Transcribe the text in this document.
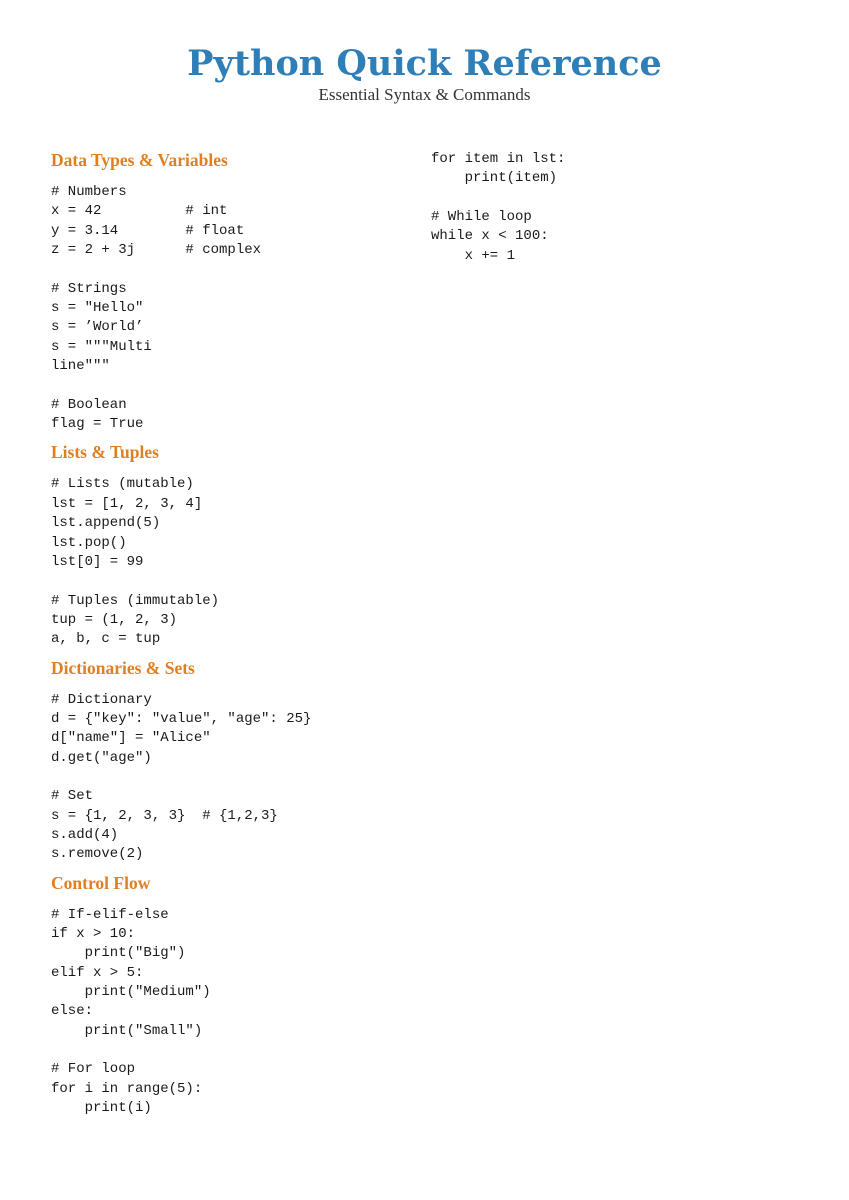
Python Quick Reference

Essential Syntax & Commands

Data Types & Variables
# Numbers
x = 42          # int
y = 3.14        # float
z = 2 + 3j      # complex

# Strings
s = "Hello"
s = ’World’
s = """Multi
line"""

# Boolean
flag = True
Lists & Tuples
# Lists (mutable)
lst = [1, 2, 3, 4]
lst.append(5)
lst.pop()
lst[0] = 99

# Tuples (immutable)
tup = (1, 2, 3)
a, b, c = tup
Dictionaries & Sets
# Dictionary
d = {"key": "value", "age": 25}
d["name"] = "Alice"
d.get("age")

# Set
s = {1, 2, 3, 3}  # {1,2,3}
s.add(4)
s.remove(2)
Control Flow
# If-elif-else
if x > 10:
print("Big")
elif x > 5:
print("Medium")
else:
print("Small")

# For loop
for i in range(5):
print(i)
for item in lst:
print(item)

# While loop
while x < 100:
x += 1
